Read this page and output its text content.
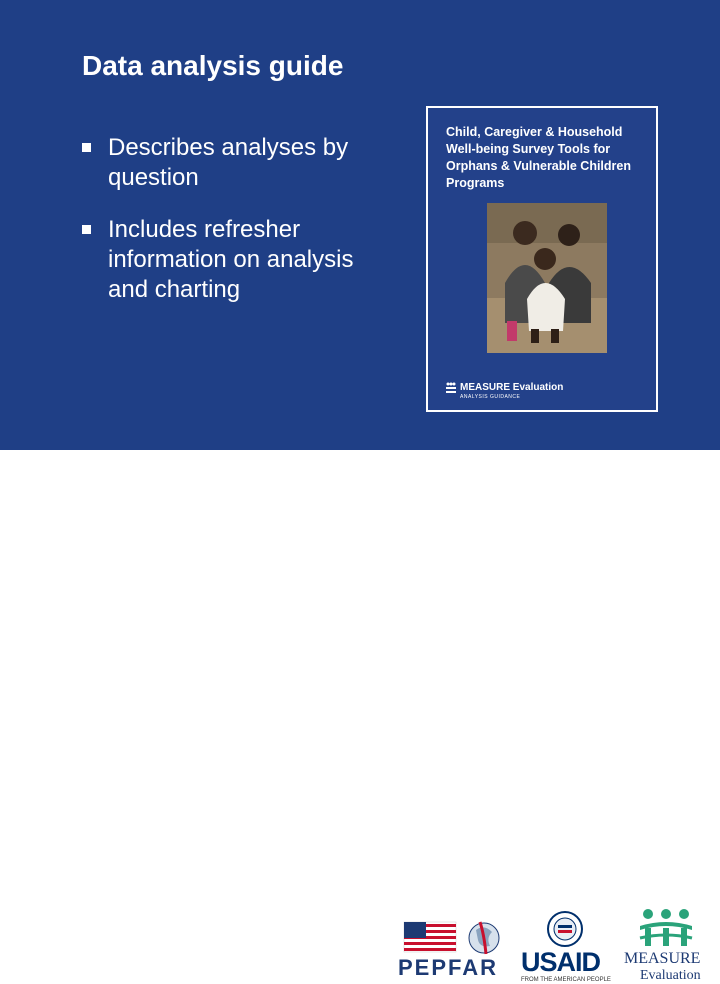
Data analysis guide
Describes analyses by question
Includes refresher information on analysis and charting
Child, Caregiver & Household Well-being Survey Tools for Orphans & Vulnerable Children Programs
MEASURE Evaluation
ANALYSIS GUIDANCE
PEPFAR USAID
FROM THE AMERICAN PEOPLE
MEASURE
Evaluation
